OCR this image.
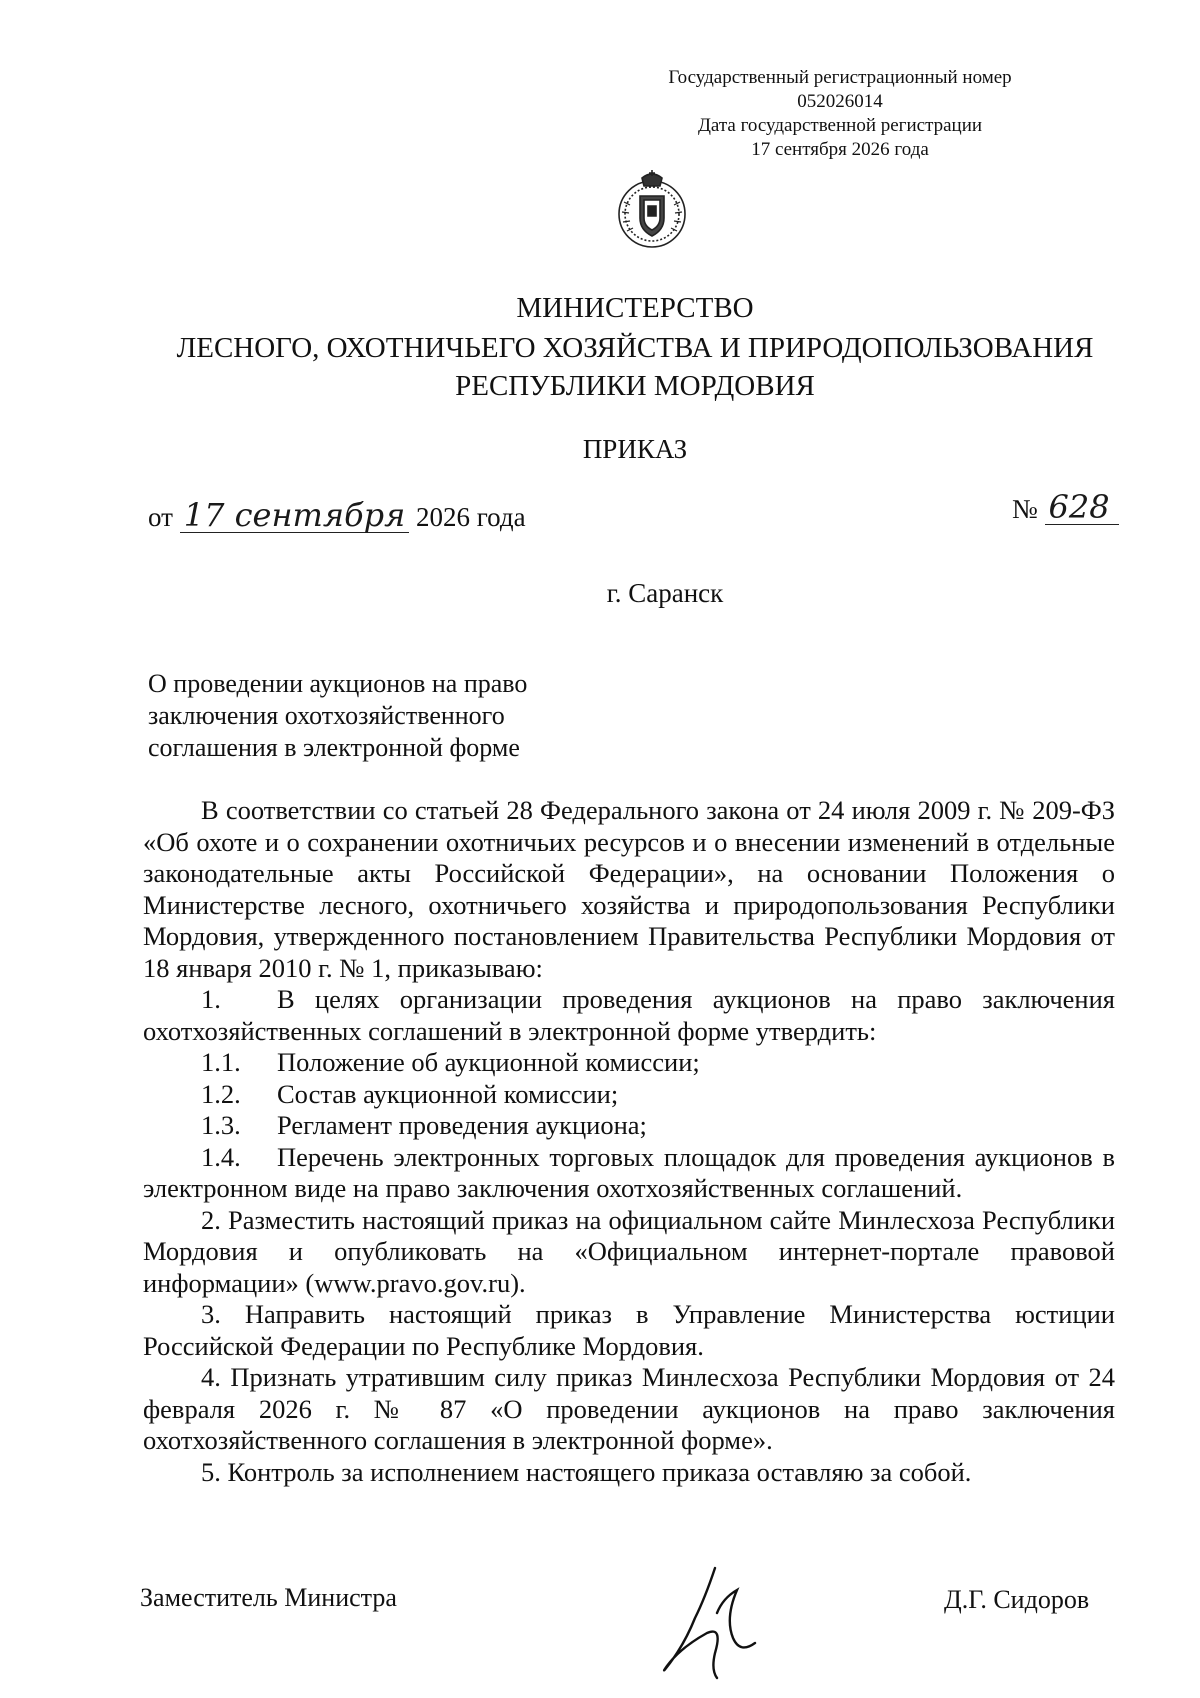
Государственный регистрационный номер
052026014
Дата государственной регистрации
17 сентября 2026 года
МИНИСТЕРСТВО
ЛЕСНОГО, ОХОТНИЧЬЕГО ХОЗЯЙСТВА И ПРИРОДОПОЛЬЗОВАНИЯ
РЕСПУБЛИКИ МОРДОВИЯ
ПРИКАЗ
от 17 сентября 2026 года	№ 628
г. Саранск
О проведении аукционов на право
заключения охотхозяйственного
соглашения в электронной форме

В соответствии со статьей 28 Федерального закона от 24 июля 2009 г. № 209-ФЗ «Об охоте и о сохранении охотничьих ресурсов и о внесении изменений в отдельные законодательные акты Российской Федерации», на основании Положения о Министерстве лесного, охотничьего хозяйства и природопользования Республики Мордовия, утвержденного постановлением Правительства Республики Мордовия от 18 января 2010 г. № 1, приказываю:

1.	В целях организации проведения аукционов на право заключения охотхозяйственных соглашений в электронной форме утвердить:

1.1.	Положение об аукционной комиссии;
1.2.	Состав аукционной комиссии;
1.3.	Регламент проведения аукциона;

1.4. Перечень электронных торговых площадок для проведения аукционов в электронном виде на право заключения охотхозяйственных соглашений.

2. Разместить настоящий приказ на официальном сайте Минлесхоза Республики Мордовия и опубликовать на «Официальном интернет-портале правовой информации» (www.pravo.gov.ru).

3. Направить настоящий приказ в Управление Министерства юстиции Российской Федерации по Республике Мордовия.

4. Признать утратившим силу приказ Минлесхоза Республики Мордовия от 24 февраля 2026 г. № 87 «О проведении аукционов на право заключения охотхозяйственного соглашения в электронной форме».

5. Контроль за исполнением настоящего приказа оставляю за собой.

Заместитель Министра	Д.Г. Сидоров
